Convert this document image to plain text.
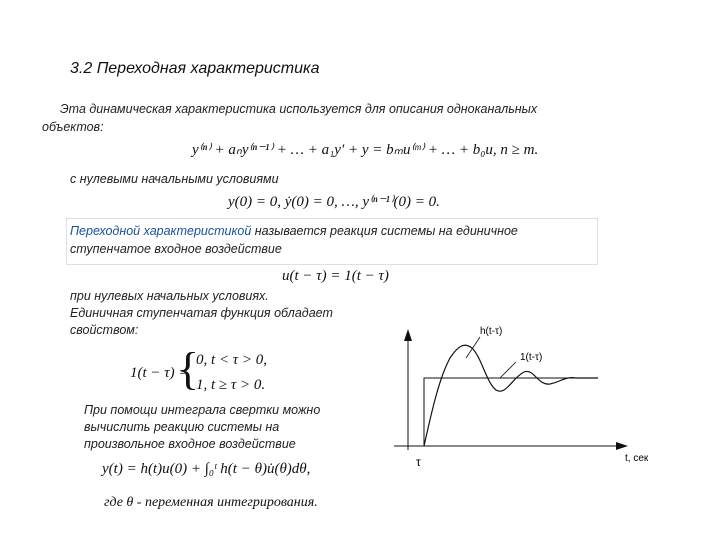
3.2 Переходная характеристика
Эта динамическая характеристика используется для описания одноканальных
объектов:
y⁽ⁿ⁾ + aₙy⁽ⁿ⁻¹⁾ + … + a₁y′ + y = bₘu⁽ᵐ⁾ + … + b₀u, n ≥ m.
с нулевыми начальными условиями
y(0) = 0, ẏ(0) = 0, …, y⁽ⁿ⁻¹⁾(0) = 0.
Переходной характеристикой называется реакция системы на единичное
ступенчатое входное воздействие
u(t − τ) = 1(t − τ)
при нулевых начальных условиях.
Единичная ступенчатая функция обладает
свойством:
1(t − τ) =
{
0, t < τ > 0,
1, t ≥ τ > 0.
При помощи интеграла свертки можно
вычислить реакцию системы на
произвольное входное воздействие
y(t) = h(t)u(0) + ∫₀ᵗ h(t − θ)u̇(θ)dθ,
где θ - переменная интегрирования.
h(t-τ)
1(t-τ)
τ	t, сек
